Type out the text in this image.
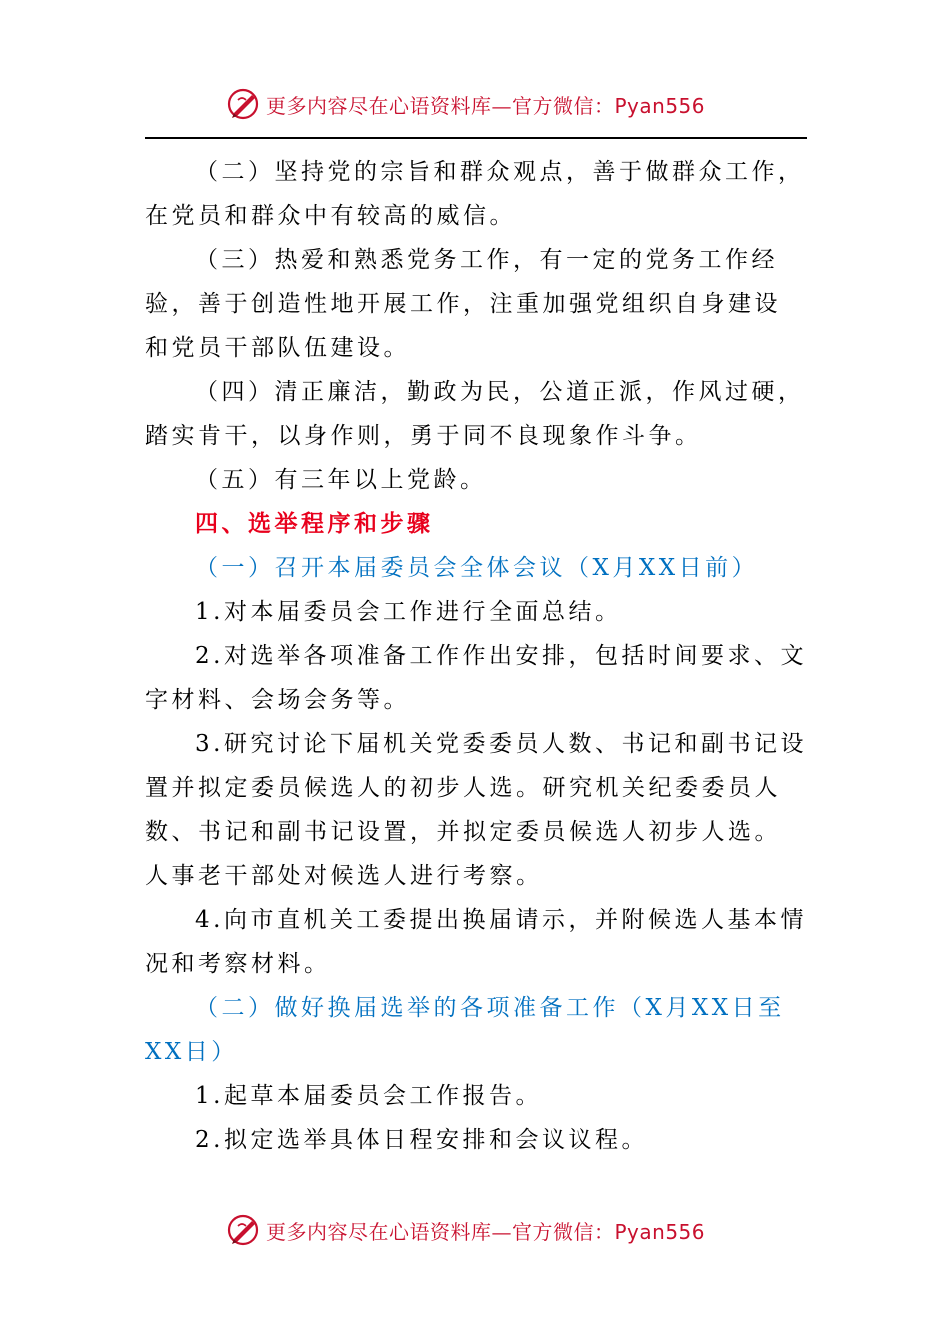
更多内容尽在心语资料库—官方微信：Pyan556

（二）坚持党的宗旨和群众观点，善于做群众工作，在党员和群众中有较高的威信。

（三）热爱和熟悉党务工作，有一定的党务工作经验，善于创造性地开展工作，注重加强党组织自身建设和党员干部队伍建设。

（四）清正廉洁，勤政为民，公道正派，作风过硬，踏实肯干，以身作则，勇于同不良现象作斗争。

（五）有三年以上党龄。

四、选举程序和步骤

（一）召开本届委员会全体会议（X月XX日前）

1.对本届委员会工作进行全面总结。

2.对选举各项准备工作作出安排，包括时间要求、文字材料、会场会务等。

3.研究讨论下届机关党委委员人数、书记和副书记设置并拟定委员候选人的初步人选。研究机关纪委委员人数、书记和副书记设置，并拟定委员候选人初步人选。人事老干部处对候选人进行考察。

4.向市直机关工委提出换届请示，并附候选人基本情况和考察材料。

（二）做好换届选举的各项准备工作（X月XX日至XX日）

1.起草本届委员会工作报告。

2.拟定选举具体日程安排和会议议程。

更多内容尽在心语资料库—官方微信：Pyan556
